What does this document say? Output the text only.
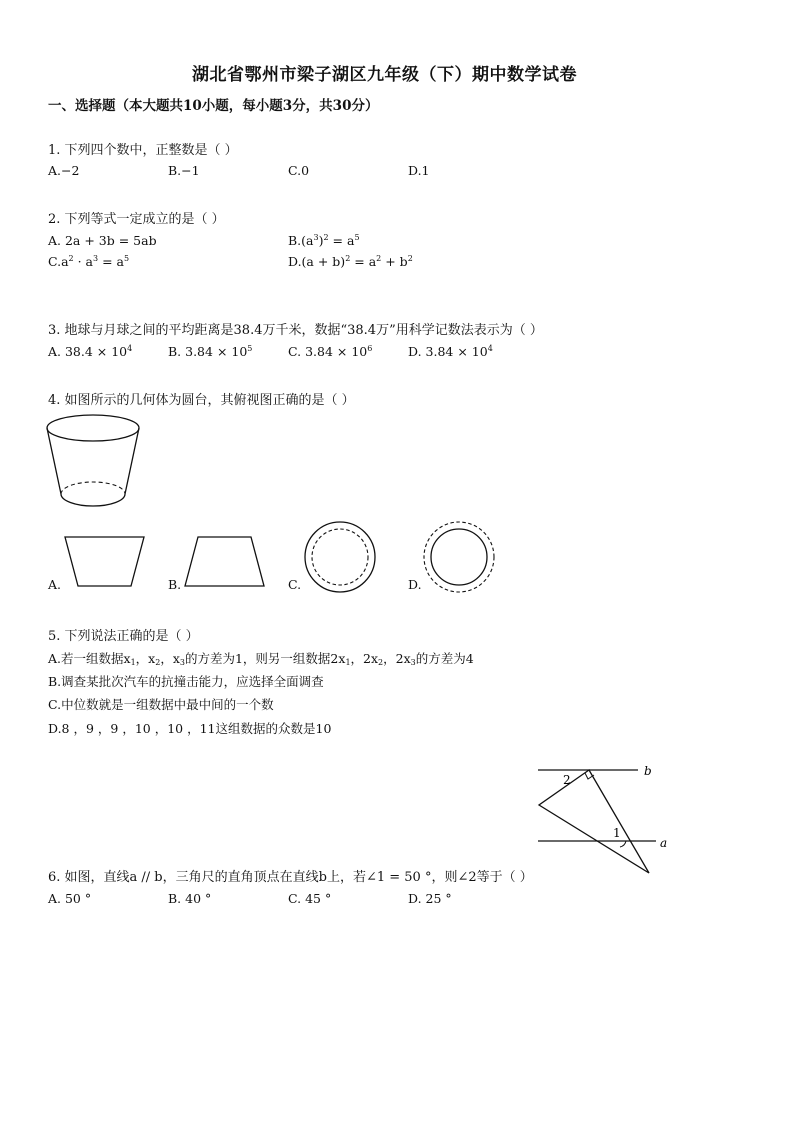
湖北省鄂州市梁子湖区九年级（下）期中数学试卷
一、选择题（本大题共10小题，每小题3分，共30分）
1. 下列四个数中，正整数是（ ）
A.−2	B.−1	C.0	D.1
2. 下列等式一定成立的是（ ）
A. 2a + 3b = 5ab	$B.(a^3)^2 = a^5$
$C.a^2 \cdot a^3 = a^5$	$D.(a + b)^2 = a^2 + b^2$
3. 地球与月球之间的平均距离是38.4万千米，数据“38.4万”用科学记数法表示为（ ）
A. $38.4 \times 10^4$	B. $3.84 \times 10^5$	C. $3.84 \times 10^6$	D. $3.84 \times 10^4$
4. 如图所示的几何体为圆台，其俯视图正确的是（ ）
A.	B.	C.	D.
5. 下列说法正确的是（ ）
A.若一组数据$x_1$，$x_2$，$x_3$的方差为1，则另一组数据$2x_1$，$2x_2$，$2x_3$的方差为4
B.调查某批次汽车的抗撞击能力，应选择全面调查
C.中位数就是一组数据中最中间的一个数
D.8 ，9 ，9 ，10 ，10 ，11这组数据的众数是10
b
a
1
2
6. 如图，直线a // b，三角尺的直角顶点在直线b上，若∠1 = 50 °，则∠2等于（ ）
A. 50 °	B. 40 °	C. 45 °	D. 25 °
